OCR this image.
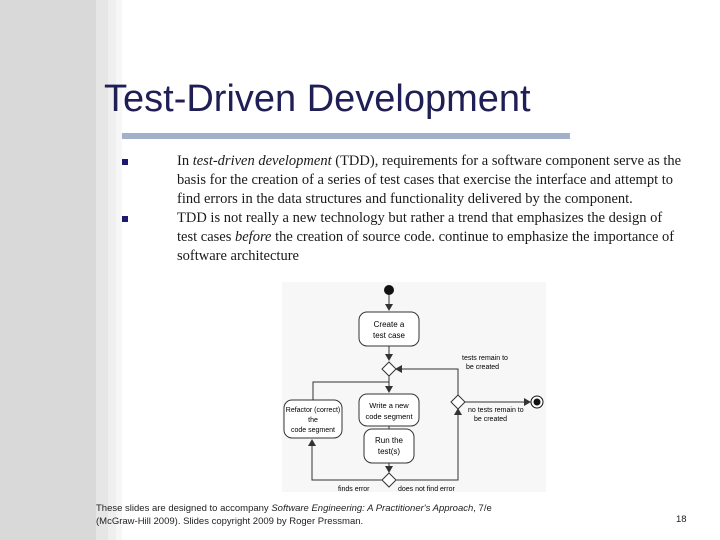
Test-Driven Development
In test-driven development (TDD), requirements for a software component serve as the basis for the creation of a series of test cases that exercise the interface and attempt to find errors in the data structures and functionality delivered by the component.
TDD is not really a new technology but rather a trend that emphasizes the design of test cases before the creation of source code. continue to emphasize the importance of software architecture
Create a
test case
Write a new
code segment
Run the
test(s)
finds error	does not find error
Refactor (correct)
the
code segment
tests remain to
be created
no tests remain to
be created
These slides are designed to accompany Software Engineering: A Practitioner's Approach, 7/e
(McGraw-Hill 2009). Slides copyright 2009 by Roger Pressman.	18
